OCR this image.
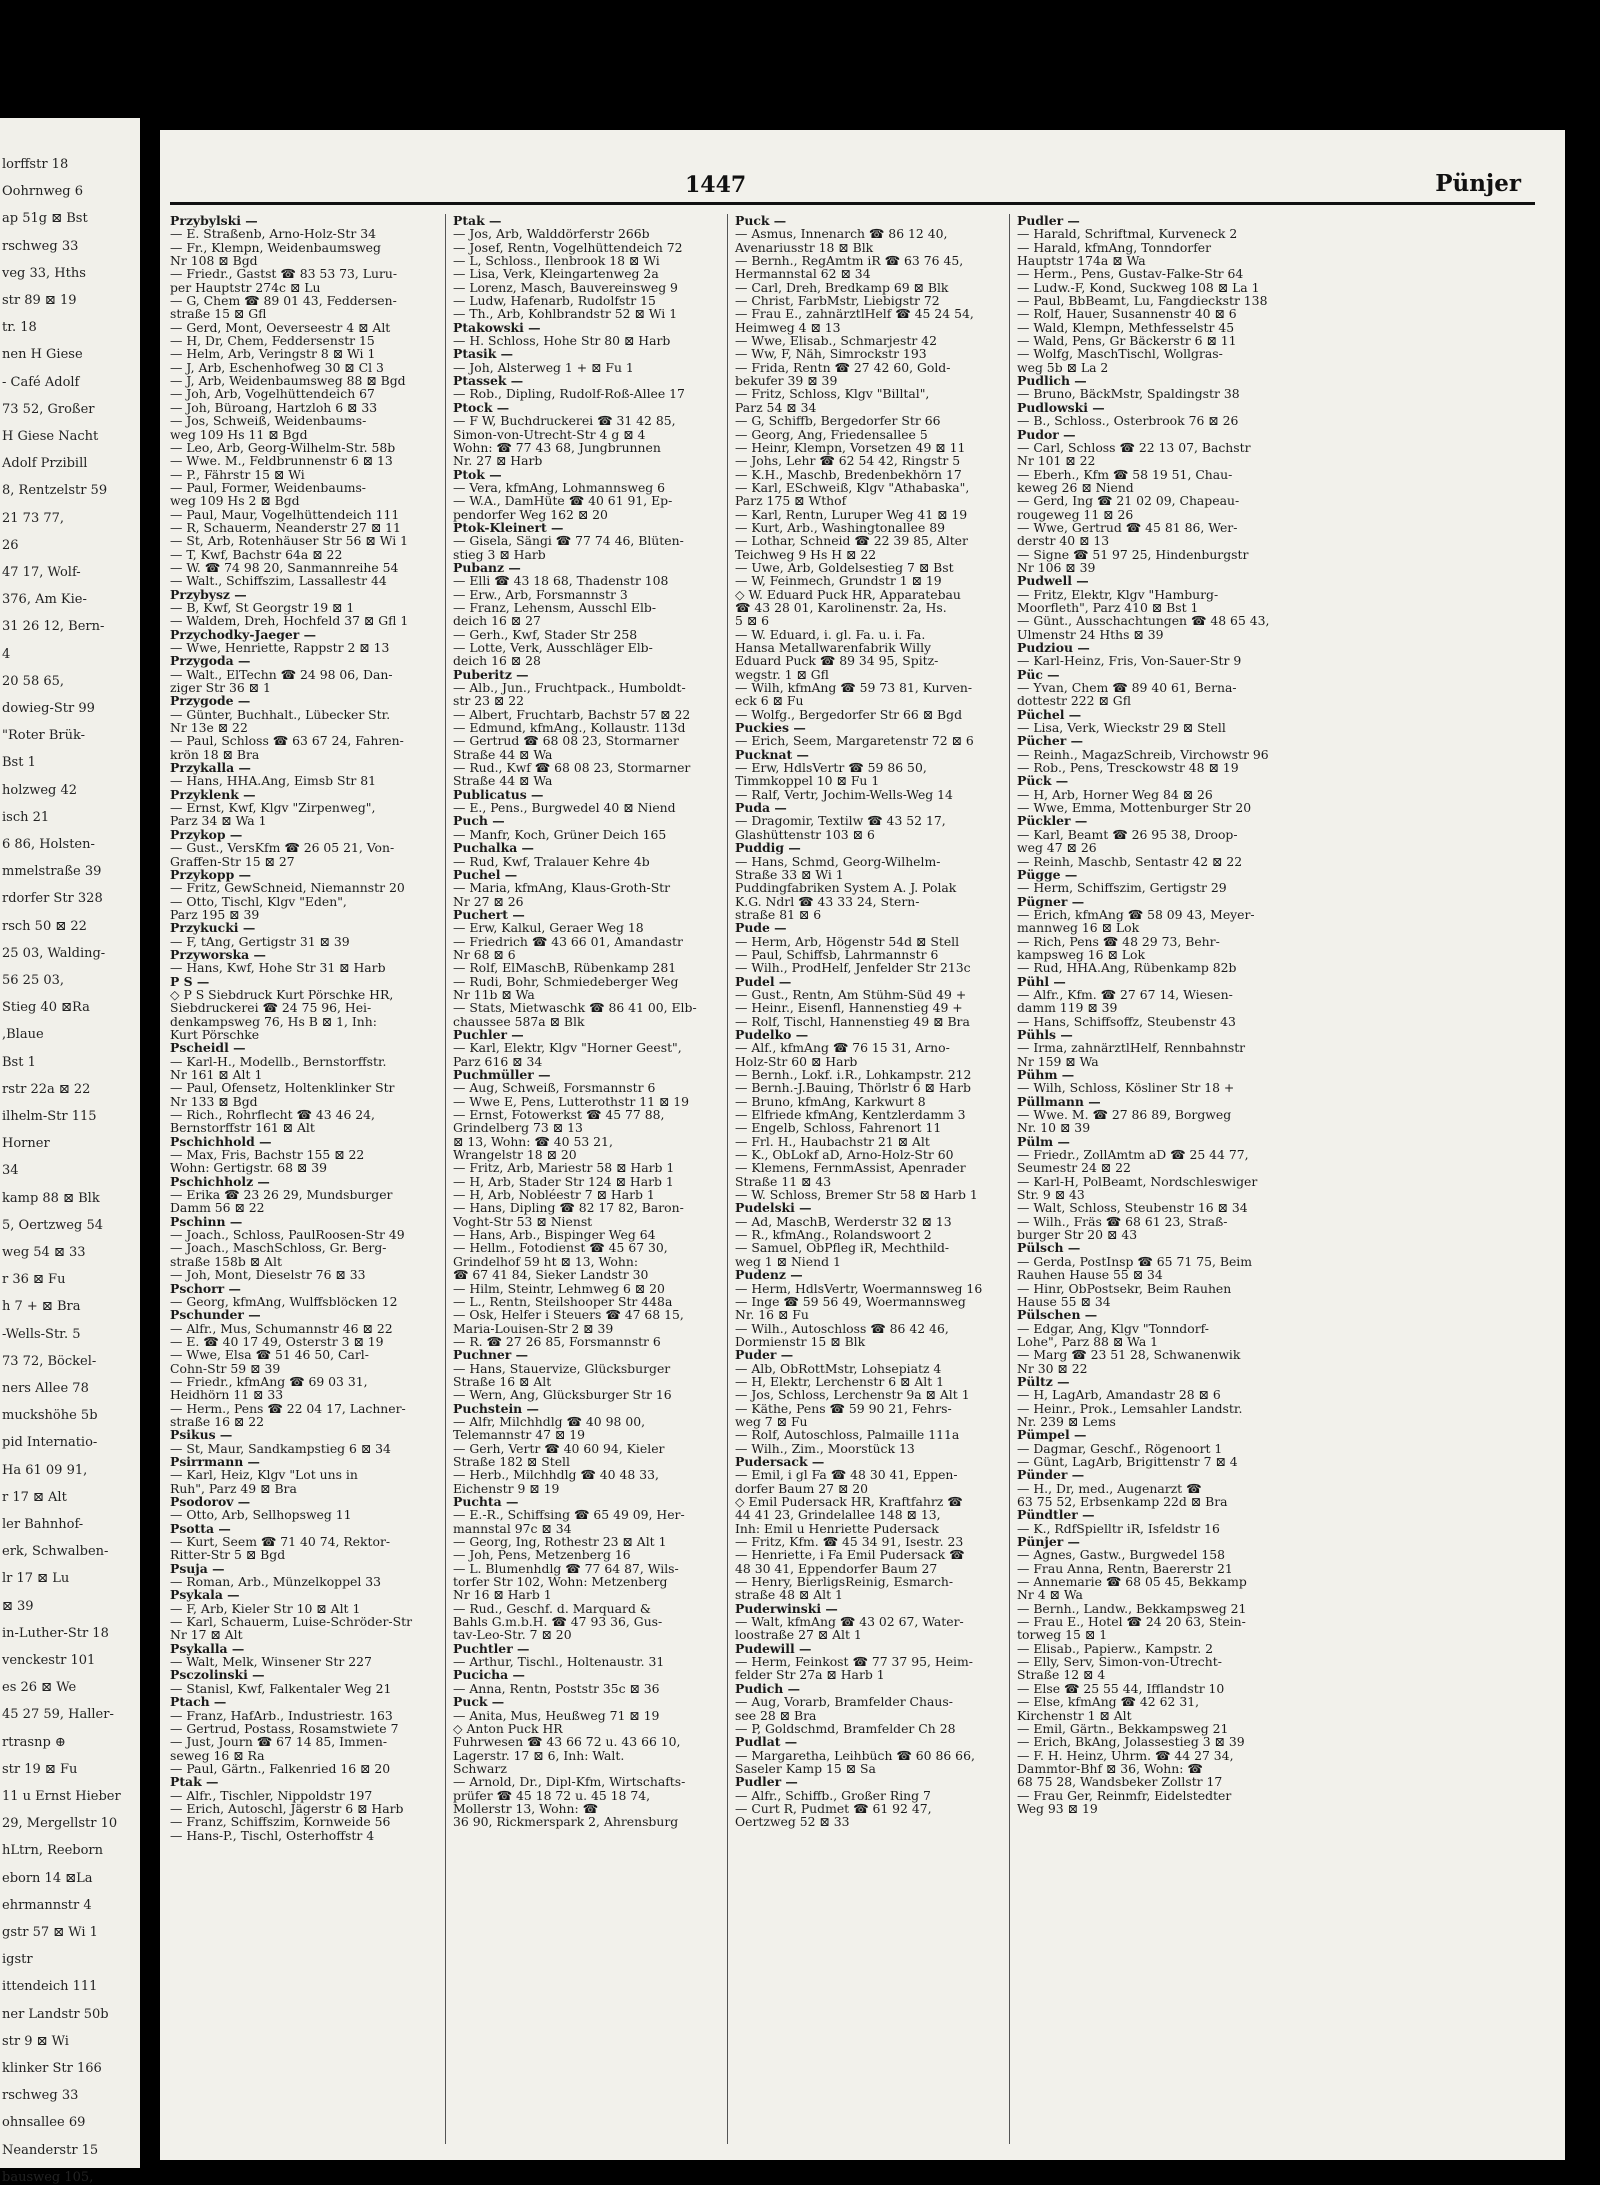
lorffstr 18
Oohrnweg 6
ap 51g ⊠ Bst
rschweg 33
veg 33, Hths
str 89 ⊠ 19
tr. 18
nen H Giese
- Café Adolf
73 52, Großer
H Giese Nacht
Adolf Przibill
8, Rentzelstr 59
21 73 77,
26
47 17, Wolf-
376, Am Kie-
31 26 12, Bern-
4
20 58 65,
dowieg-Str 99
"Roter Brük-
Bst 1
holzweg 42
isch 21
6 86, Holsten-
mmelstraße 39
rdorfer Str 328
rsch 50 ⊠ 22
25 03, Walding-
56 25 03,
Stieg 40 ⊠Ra
,Blaue
Bst 1
rstr 22a ⊠ 22
ilhelm-Str 115
Horner
34
kamp 88 ⊠ Blk
5, Oertzweg 54
weg 54 ⊠ 33
r 36 ⊠ Fu
h 7 + ⊠ Bra
-Wells-Str. 5
73 72, Böckel-
ners Allee 78
muckshöhe 5b
pid Internatio-
Ha 61 09 91,
r 17 ⊠ Alt
ler Bahnhof-
erk, Schwalben-
lr 17 ⊠ Lu
⊠ 39
in-Luther-Str 18
venckestr 101
es 26 ⊠ We
45 27 59, Haller-
rtrasnp ⊕
str 19 ⊠ Fu
11 u Ernst Hieber
29, Mergellstr 10
hLtrn, Reeborn
eborn 14 ⊠La
ehrmannstr 4
gstr 57 ⊠ Wi 1
igstr
ittendeich 111
ner Landstr 50b
str 9 ⊠ Wi
klinker Str 166
rschweg 33
ohnsallee 69
Neanderstr 15
bausweg 105,
1447	Pünjer
Przybylski —
— E. Straßenb, Arno-Holz-Str 34
— Fr., Klempn, Weidenbaumsweg
Nr 108 ⊠ Bgd
— Friedr., Gastst ☎ 83 53 73, Luru-
per Hauptstr 274c ⊠ Lu
— G, Chem ☎ 89 01 43, Feddersen-
straße 15 ⊠ Gfl
— Gerd, Mont, Oeverseestr 4 ⊠ Alt
— H, Dr, Chem, Feddersenstr 15
— Helm, Arb, Veringstr 8 ⊠ Wi 1
— J, Arb, Eschenhofweg 30 ⊠ Cl 3
— J, Arb, Weidenbaumsweg 88 ⊠ Bgd
— Joh, Arb, Vogelhüttendeich 67
— Joh, Büroang, Hartzloh 6 ⊠ 33
— Jos, Schweiß, Weidenbaums-
weg 109 Hs 11 ⊠ Bgd
— Leo, Arb, Georg-Wilhelm-Str. 58b
— Wwe. M., Feldbrunnenstr 6 ⊠ 13
— P., Fährstr 15 ⊠ Wi
— Paul, Former, Weidenbaums-
weg 109 Hs 2 ⊠ Bgd
— Paul, Maur, Vogelhüttendeich 111
— R, Schauerm, Neanderstr 27 ⊠ 11
— St, Arb, Rotenhäuser Str 56 ⊠ Wi 1
— T, Kwf, Bachstr 64a ⊠ 22
— W. ☎ 74 98 20, Sanmannreihe 54
— Walt., Schiffszim, Lassallestr 44
Przybysz —
— B, Kwf, St Georgstr 19 ⊠ 1
— Waldem, Dreh, Hochfeld 37 ⊠ Gfl 1
Przychodky-Jaeger —
— Wwe, Henriette, Rappstr 2 ⊠ 13
Przygoda —
— Walt., ElTechn ☎ 24 98 06, Dan-
ziger Str 36 ⊠ 1
Przygode —
— Günter, Buchhalt., Lübecker Str.
Nr 13e ⊠ 22
— Paul, Schloss ☎ 63 67 24, Fahren-
krön 18 ⊠ Bra
Przykalla —
— Hans, HHA.Ang, Eimsb Str 81
Przyklenk —
— Ernst, Kwf, Klgv "Zirpenweg",
Parz 34 ⊠ Wa 1
Przykop —
— Gust., VersKfm ☎ 26 05 21, Von-
Graffen-Str 15 ⊠ 27
Przykopp —
— Fritz, GewSchneid, Niemannstr 20
— Otto, Tischl, Klgv "Eden",
Parz 195 ⊠ 39
Przykucki —
— F, tAng, Gertigstr 31 ⊠ 39
Przyworska —
— Hans, Kwf, Hohe Str 31 ⊠ Harb
P S —
◇ P S Siebdruck Kurt Pörschke HR,
Siebdruckerei ☎ 24 75 96, Hei-
denkampsweg 76, Hs B ⊠ 1, Inh:
Kurt Pörschke
Pscheidl —
— Karl-H., Modellb., Bernstorffstr.
Nr 161 ⊠ Alt 1
— Paul, Ofensetz, Holtenklinker Str
Nr 133 ⊠ Bgd
— Rich., Rohrflecht ☎ 43 46 24,
Bernstorffstr 161 ⊠ Alt
Pschichhold —
— Max, Fris, Bachstr 155 ⊠ 22
Wohn: Gertigstr. 68 ⊠ 39
Pschichholz —
— Erika ☎ 23 26 29, Mundsburger
Damm 56 ⊠ 22
Pschinn —
— Joach., Schloss, PaulRoosen-Str 49
— Joach., MaschSchloss, Gr. Berg-
straße 158b ⊠ Alt
— Joh, Mont, Dieselstr 76 ⊠ 33
Pschorr —
— Georg, kfmAng, Wulffsblöcken 12
Pschunder —
— Alfr., Mus, Schumannstr 46 ⊠ 22
— E. ☎ 40 17 49, Osterstr 3 ⊠ 19
— Wwe, Elsa ☎ 51 46 50, Carl-
Cohn-Str 59 ⊠ 39
— Friedr., kfmAng ☎ 69 03 31,
Heidhörn 11 ⊠ 33
— Herm., Pens ☎ 22 04 17, Lachner-
straße 16 ⊠ 22
Psikus —
— St, Maur, Sandkampstieg 6 ⊠ 34
Psirrmann —
— Karl, Heiz, Klgv "Lot uns in
Ruh", Parz 49 ⊠ Bra
Psodorov —
— Otto, Arb, Sellhopsweg 11
Psotta —
— Kurt, Seem ☎ 71 40 74, Rektor-
Ritter-Str 5 ⊠ Bgd
Psuja —
— Roman, Arb., Münzelkoppel 33
Psykala —
— F, Arb, Kieler Str 10 ⊠ Alt 1
— Karl, Schauerm, Luise-Schröder-Str
Nr 17 ⊠ Alt
Psykalla —
— Walt, Melk, Winsener Str 227
Psczolinski —
— Stanisl, Kwf, Falkentaler Weg 21
Ptach —
— Franz, HafArb., Industriestr. 163
— Gertrud, Postass, Rosamstwiete 7
— Just, Journ ☎ 67 14 85, Immen-
seweg 16 ⊠ Ra
— Paul, Gärtn., Falkenried 16 ⊠ 20
Ptak —
— Alfr., Tischler, Nippoldstr 197
— Erich, Autoschl, Jägerstr 6 ⊠ Harb
— Franz, Schiffszim, Kornweide 56
— Hans-P., Tischl, Osterhoffstr 4
Ptak —
— Jos, Arb, Walddörferstr 266b
— Josef, Rentn, Vogelhüttendeich 72
— L, Schloss., Ilenbrook 18 ⊠ Wi
— Lisa, Verk, Kleingartenweg 2a
— Lorenz, Masch, Bauvereinsweg 9
— Ludw, Hafenarb, Rudolfstr 15
— Th., Arb, Kohlbrandstr 52 ⊠ Wi 1
Ptakowski —
— H. Schloss, Hohe Str 80 ⊠ Harb
Ptasik —
— Joh, Alsterweg 1 + ⊠ Fu 1
Ptassek —
— Rob., Dipling, Rudolf-Roß-Allee 17
Ptock —
— F W, Buchdruckerei ☎ 31 42 85,
Simon-von-Utrecht-Str 4 g ⊠ 4
Wohn: ☎ 77 43 68, Jungbrunnen
Nr. 27 ⊠ Harb
Ptok —
— Vera, kfmAng, Lohmannsweg 6
— W.A., DamHüte ☎ 40 61 91, Ep-
pendorfer Weg 162 ⊠ 20
Ptok-Kleinert —
— Gisela, Sängi ☎ 77 74 46, Blüten-
stieg 3 ⊠ Harb
Pubanz —
— Elli ☎ 43 18 68, Thadenstr 108
— Erw., Arb, Forsmannstr 3
— Franz, Lehensm, Ausschl Elb-
deich 16 ⊠ 27
— Gerh., Kwf, Stader Str 258
— Lotte, Verk, Ausschläger Elb-
deich 16 ⊠ 28
Puberitz —
— Alb., Jun., Fruchtpack., Humboldt-
str 23 ⊠ 22
— Albert, Fruchtarb, Bachstr 57 ⊠ 22
— Edmund, kfmAng., Kollaustr. 113d
— Gertrud ☎ 68 08 23, Stormarner
Straße 44 ⊠ Wa
— Rud., Kwf ☎ 68 08 23, Stormarner
Straße 44 ⊠ Wa
Publicatus —
— E., Pens., Burgwedel 40 ⊠ Niend
Puch —
— Manfr, Koch, Grüner Deich 165
Puchalka —
— Rud, Kwf, Tralauer Kehre 4b
Puchel —
— Maria, kfmAng, Klaus-Groth-Str
Nr 27 ⊠ 26
Puchert —
— Erw, Kalkul, Geraer Weg 18
— Friedrich ☎ 43 66 01, Amandastr
Nr 68 ⊠ 6
— Rolf, ElMaschB, Rübenkamp 281
— Rudi, Bohr, Schmiedeberger Weg
Nr 11b ⊠ Wa
— Stats, Mietwaschk ☎ 86 41 00, Elb-
chaussee 587a ⊠ Blk
Puchler —
— Karl, Elektr, Klgv "Horner Geest",
Parz 616 ⊠ 34
Puchmüller —
— Aug, Schweiß, Forsmannstr 6
— Wwe E, Pens, Lutterothstr 11 ⊠ 19
— Ernst, Fotowerkst ☎ 45 77 88,
Grindelberg 73 ⊠ 13
⊠ 13, Wohn: ☎ 40 53 21,
Wrangelstr 18 ⊠ 20
— Fritz, Arb, Mariestr 58 ⊠ Harb 1
— H, Arb, Stader Str 124 ⊠ Harb 1
— H, Arb, Nobléestr 7 ⊠ Harb 1
— Hans, Dipling ☎ 82 17 82, Baron-
Voght-Str 53 ⊠ Nienst
— Hans, Arb., Bispinger Weg 64
— Hellm., Fotodienst ☎ 45 67 30,
Grindelhof 59 ht ⊠ 13, Wohn:
☎ 67 41 84, Sieker Landstr 30
— Hilm, Steintr, Lehmweg 6 ⊠ 20
— L., Rentn, Steilshooper Str 448a
— Osk, Helfer i Steuers ☎ 47 68 15,
Maria-Louisen-Str 2 ⊠ 39
— R. ☎ 27 26 85, Forsmannstr 6
Puchner —
— Hans, Stauervize, Glücksburger
Straße 16 ⊠ Alt
— Wern, Ang, Glücksburger Str 16
Puchstein —
— Alfr, Milchhdlg ☎ 40 98 00,
Telemannstr 47 ⊠ 19
— Gerh, Vertr ☎ 40 60 94, Kieler
Straße 182 ⊠ Stell
— Herb., Milchhdlg ☎ 40 48 33,
Eichenstr 9 ⊠ 19
Puchta —
— E.-R., Schiffsing ☎ 65 49 09, Her-
mannstal 97c ⊠ 34
— Georg, Ing, Rothestr 23 ⊠ Alt 1
— Joh, Pens, Metzenberg 16
— L. Blumenhdlg ☎ 77 64 87, Wils-
torfer Str 102, Wohn: Metzenberg
Nr 16 ⊠ Harb 1
— Rud., Geschf. d. Marquard &
Bahls G.m.b.H. ☎ 47 93 36, Gus-
tav-Leo-Str. 7 ⊠ 20
Puchtler —
— Arthur, Tischl., Holtenaustr. 31
Pucicha —
— Anna, Rentn, Poststr 35c ⊠ 36
Puck —
— Anita, Mus, Heußweg 71 ⊠ 19
◇ Anton Puck HR
Fuhrwesen ☎ 43 66 72 u. 43 66 10,
Lagerstr. 17 ⊠ 6, Inh: Walt.
Schwarz
— Arnold, Dr., Dipl-Kfm, Wirtschafts-
prüfer ☎ 45 18 72 u. 45 18 74,
Mollerstr 13, Wohn: ☎
36 90, Rickmerspark 2, Ahrensburg
Puck —
— Asmus, Innenarch ☎ 86 12 40,
Avenariusstr 18 ⊠ Blk
— Bernh., RegAmtm iR ☎ 63 76 45,
Hermannstal 62 ⊠ 34
— Carl, Dreh, Bredkamp 69 ⊠ Blk
— Christ, FarbMstr, Liebigstr 72
— Frau E., zahnärztlHelf ☎ 45 24 54,
Heimweg 4 ⊠ 13
— Wwe, Elisab., Schmarjestr 42
— Ww, F, Näh, Simrockstr 193
— Frida, Rentn ☎ 27 42 60, Gold-
bekufer 39 ⊠ 39
— Fritz, Schloss, Klgv "Billtal",
Parz 54 ⊠ 34
— G, Schiffb, Bergedorfer Str 66
— Georg, Ang, Friedensallee 5
— Heinr, Klempn, Vorsetzen 49 ⊠ 11
— Johs, Lehr ☎ 62 54 42, Ringstr 5
— K.H., Maschb, Bredenbekhörn 17
— Karl, ESchweiß, Klgv "Athabaska",
Parz 175 ⊠ Wthof
— Karl, Rentn, Luruper Weg 41 ⊠ 19
— Kurt, Arb., Washingtonallee 89
— Lothar, Schneid ☎ 22 39 85, Alter
Teichweg 9 Hs H ⊠ 22
— Uwe, Arb, Goldelsestieg 7 ⊠ Bst
— W, Feinmech, Grundstr 1 ⊠ 19
◇ W. Eduard Puck HR, Apparatebau
☎ 43 28 01, Karolinenstr. 2a, Hs.
5 ⊠ 6
— W. Eduard, i. gl. Fa. u. i. Fa.
Hansa Metallwarenfabrik Willy
Eduard Puck ☎ 89 34 95, Spitz-
wegstr. 1 ⊠ Gfl
— Wilh, kfmAng ☎ 59 73 81, Kurven-
eck 6 ⊠ Fu
— Wolfg., Bergedorfer Str 66 ⊠ Bgd
Puckies —
— Erich, Seem, Margaretenstr 72 ⊠ 6
Pucknat —
— Erw, HdlsVertr ☎ 59 86 50,
Timmkoppel 10 ⊠ Fu 1
— Ralf, Vertr, Jochim-Wells-Weg 14
Puda —
— Dragomir, Textilw ☎ 43 52 17,
Glashüttenstr 103 ⊠ 6
Puddig —
— Hans, Schmd, Georg-Wilhelm-
Straße 33 ⊠ Wi 1
Puddingfabriken System A. J. Polak
K.G. Ndrl ☎ 43 33 24, Stern-
straße 81 ⊠ 6
Pude —
— Herm, Arb, Högenstr 54d ⊠ Stell
— Paul, Schiffsb, Lahrmannstr 6
— Wilh., ProdHelf, Jenfelder Str 213c
Pudel —
— Gust., Rentn, Am Stühm-Süd 49 +
— Heinr., Eisenfl, Hannenstieg 49 +
— Rolf, Tischl, Hannenstieg 49 ⊠ Bra
Pudelko —
— Alf., kfmAng ☎ 76 15 31, Arno-
Holz-Str 60 ⊠ Harb
— Bernh., Lokf. i.R., Lohkampstr. 212
— Bernh.-J.Bauing, Thörlstr 6 ⊠ Harb
— Bruno, kfmAng, Karkwurt 8
— Elfriede kfmAng, Kentzlerdamm 3
— Engelb, Schloss, Fahrenort 11
— Frl. H., Haubachstr 21 ⊠ Alt
— K., ObLokf aD, Arno-Holz-Str 60
— Klemens, FernmAssist, Apenrader
Straße 11 ⊠ 43
— W. Schloss, Bremer Str 58 ⊠ Harb 1
Pudelski —
— Ad, MaschB, Werderstr 32 ⊠ 13
— R., kfmAng., Rolandswoort 2
— Samuel, ObPfleg iR, Mechthild-
weg 1 ⊠ Niend 1
Pudenz —
— Herm, HdlsVertr, Woermannsweg 16
— Inge ☎ 59 56 49, Woermannsweg
Nr. 16 ⊠ Fu
— Wilh., Autoschloss ☎ 86 42 46,
Dormienstr 15 ⊠ Blk
Puder —
— Alb, ObRottMstr, Lohsepiatz 4
— H, Elektr, Lerchenstr 6 ⊠ Alt 1
— Jos, Schloss, Lerchenstr 9a ⊠ Alt 1
— Käthe, Pens ☎ 59 90 21, Fehrs-
weg 7 ⊠ Fu
— Rolf, Autoschloss, Palmaille 111a
— Wilh., Zim., Moorstück 13
Pudersack —
— Emil, i gl Fa ☎ 48 30 41, Eppen-
dorfer Baum 27 ⊠ 20
◇ Emil Pudersack HR, Kraftfahrz ☎
44 41 23, Grindelallee 148 ⊠ 13,
Inh: Emil u Henriette Pudersack
— Fritz, Kfm. ☎ 45 34 91, Isestr. 23
— Henriette, i Fa Emil Pudersack ☎
48 30 41, Eppendorfer Baum 27
— Henry, BierligsReinig, Esmarch-
straße 48 ⊠ Alt 1
Puderwinski —
— Walt, kfmAng ☎ 43 02 67, Water-
loostraße 27 ⊠ Alt 1
Pudewill —
— Herm, Feinkost ☎ 77 37 95, Heim-
felder Str 27a ⊠ Harb 1
Pudich —
— Aug, Vorarb, Bramfelder Chaus-
see 28 ⊠ Bra
— P, Goldschmd, Bramfelder Ch 28
Pudlat —
— Margaretha, Leihbüch ☎ 60 86 66,
Saseler Kamp 15 ⊠ Sa
Pudler —
— Alfr., Schiffb., Großer Ring 7
— Curt R, Pudmet ☎ 61 92 47,
Oertzweg 52 ⊠ 33
Pudler —
— Harald, Schriftmal, Kurveneck 2
— Harald, kfmAng, Tonndorfer
Hauptstr 174a ⊠ Wa
— Herm., Pens, Gustav-Falke-Str 64
— Ludw.-F, Kond, Suckweg 108 ⊠ La 1
— Paul, BbBeamt, Lu, Fangdieckstr 138
— Rolf, Hauer, Susannenstr 40 ⊠ 6
— Wald, Klempn, Methfesselstr 45
— Wald, Pens, Gr Bäckerstr 6 ⊠ 11
— Wolfg, MaschTischl, Wollgras-
weg 5b ⊠ La 2
Pudlich —
— Bruno, BäckMstr, Spaldingstr 38
Pudlowski —
— B., Schloss., Osterbrook 76 ⊠ 26
Pudor —
— Carl, Schloss ☎ 22 13 07, Bachstr
Nr 101 ⊠ 22
— Eberh., Kfm ☎ 58 19 51, Chau-
keweg 26 ⊠ Niend
— Gerd, Ing ☎ 21 02 09, Chapeau-
rougeweg 11 ⊠ 26
— Wwe, Gertrud ☎ 45 81 86, Wer-
derstr 40 ⊠ 13
— Signe ☎ 51 97 25, Hindenburgstr
Nr 106 ⊠ 39
Pudwell —
— Fritz, Elektr, Klgv "Hamburg-
Moorfleth", Parz 410 ⊠ Bst 1
— Günt., Ausschachtungen ☎ 48 65 43,
Ulmenstr 24 Hths ⊠ 39
Pudziou —
— Karl-Heinz, Fris, Von-Sauer-Str 9
Püc —
— Yvan, Chem ☎ 89 40 61, Berna-
dottestr 222 ⊠ Gfl
Püchel —
— Lisa, Verk, Wieckstr 29 ⊠ Stell
Pücher —
— Reinh., MagazSchreib, Virchowstr 96
— Rob., Pens, Tresckowstr 48 ⊠ 19
Pück —
— H, Arb, Horner Weg 84 ⊠ 26
— Wwe, Emma, Mottenburger Str 20
Pückler —
— Karl, Beamt ☎ 26 95 38, Droop-
weg 47 ⊠ 26
— Reinh, Maschb, Sentastr 42 ⊠ 22
Pügge —
— Herm, Schiffszim, Gertigstr 29
Pügner —
— Erich, kfmAng ☎ 58 09 43, Meyer-
mannweg 16 ⊠ Lok
— Rich, Pens ☎ 48 29 73, Behr-
kampsweg 16 ⊠ Lok
— Rud, HHA.Ang, Rübenkamp 82b
Pühl —
— Alfr., Kfm. ☎ 27 67 14, Wiesen-
damm 119 ⊠ 39
— Hans, Schiffsoffz, Steubenstr 43
Pühls —
— Irma, zahnärztlHelf, Rennbahnstr
Nr 159 ⊠ Wa
Pühm —
— Wilh, Schloss, Kösliner Str 18 +
Püllmann —
— Wwe. M. ☎ 27 86 89, Borgweg
Nr. 10 ⊠ 39
Pülm —
— Friedr., ZollAmtm aD ☎ 25 44 77,
Seumestr 24 ⊠ 22
— Karl-H, PolBeamt, Nordschleswiger
Str. 9 ⊠ 43
— Walt, Schloss, Steubenstr 16 ⊠ 34
— Wilh., Fräs ☎ 68 61 23, Straß-
burger Str 20 ⊠ 43
Pülsch —
— Gerda, PostInsp ☎ 65 71 75, Beim
Rauhen Hause 55 ⊠ 34
— Hinr, ObPostsekr, Beim Rauhen
Hause 55 ⊠ 34
Pülschen —
— Edgar, Ang, Klgv "Tonndorf-
Lohe", Parz 88 ⊠ Wa 1
— Marg ☎ 23 51 28, Schwanenwik
Nr 30 ⊠ 22
Pültz —
— H, LagArb, Amandastr 28 ⊠ 6
— Heinr., Prok., Lemsahler Landstr.
Nr. 239 ⊠ Lems
Pümpel —
— Dagmar, Geschf., Rögenoort 1
— Günt, LagArb, Brigittenstr 7 ⊠ 4
Pünder —
— H., Dr, med., Augenarzt ☎
63 75 52, Erbsenkamp 22d ⊠ Bra
Pündtler —
— K., RdfSpielltr iR, Isfeldstr 16
Pünjer —
— Agnes, Gastw., Burgwedel 158
— Frau Anna, Rentn, Baererstr 21
— Annemarie ☎ 68 05 45, Bekkamp
Nr 4 ⊠ Wa
— Bernh., Landw., Bekkampsweg 21
— Frau E., Hotel ☎ 24 20 63, Stein-
torweg 15 ⊠ 1
— Elisab., Papierw., Kampstr. 2
— Elly, Serv, Simon-von-Utrecht-
Straße 12 ⊠ 4
— Else ☎ 25 55 44, Ifflandstr 10
— Else, kfmAng ☎ 42 62 31,
Kirchenstr 1 ⊠ Alt
— Emil, Gärtn., Bekkampsweg 21
— Erich, BkAng, Jolassestieg 3 ⊠ 39
— F. H. Heinz, Uhrm. ☎ 44 27 34,
Dammtor-Bhf ⊠ 36, Wohn: ☎
68 75 28, Wandsbeker Zollstr 17
— Frau Ger, Reinmfr, Eidelstedter
Weg 93 ⊠ 19
